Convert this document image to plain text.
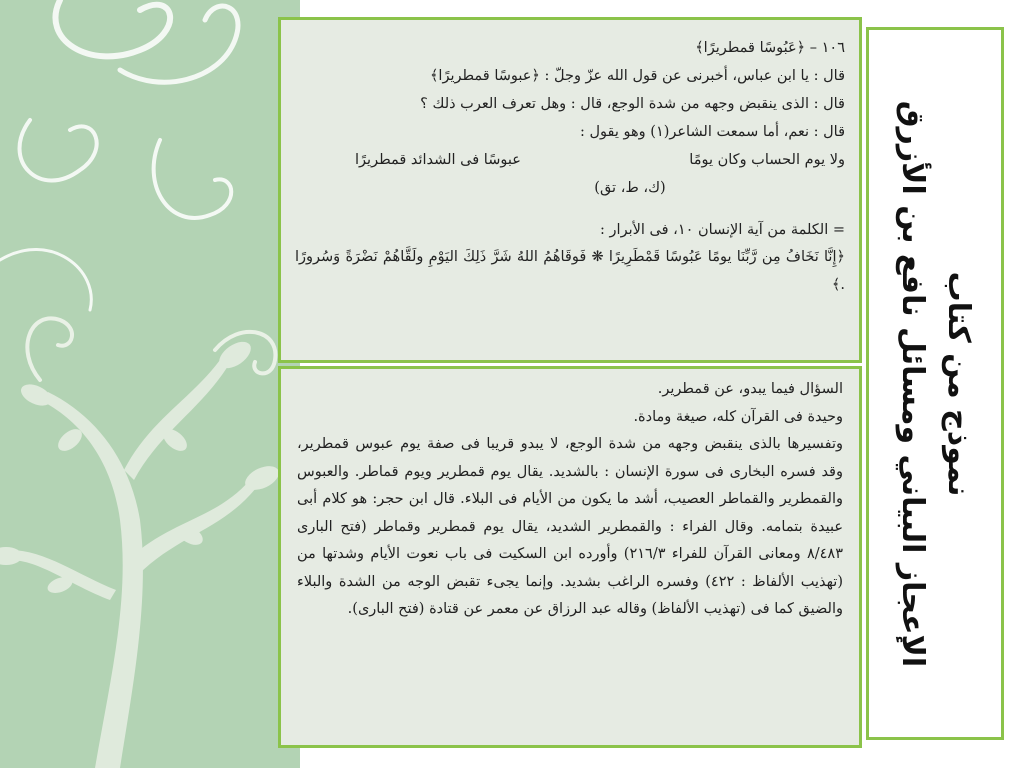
١٠٦ – ﴿عَبُوسًا قمطريرًا﴾
قال : يا ابن عباس، أخبرنى عن قول الله عزّ وجلّ : ﴿عبوسًا قمطريرًا﴾
قال : الذى ينقبض وجهه من شدة الوجع، قال : وهل تعرف العرب ذلك ؟
قال : نعم، أما سمعت الشاعر(١) وهو يقول :
ولا يوم الحساب وكان يومًا
عبوسًا فى الشدائد قمطريرًا
(ك، ط، تق)
= الكلمة من آية الإنسان ١٠، فى الأبرار :
﴿إِنَّا نَخَافُ مِن رَّبِّنَا يومًا عَبُوسًا قَمْطَرِيرًا ❋ فَوقَاهُمُ اللهُ شَرَّ ذَلِكَ اليَوْمِ ولَقَّاهُمْ نَضْرَةً وَسُرورًا .﴾
السؤال فيما يبدو، عن قمطرير.
وحيدة فى القرآن كله، صيغة ومادة.
وتفسيرها بالذى ينقبض وجهه من شدة الوجع، لا يبدو قريبا فى صفة يوم عبوس قمطرير، وقد فسره البخارى فى سورة الإنسان : بالشديد. يقال يوم قمطرير ويوم قماطر. والعبوس والقمطرير والقماطر العصيب، أشد ما يكون من الأيام فى البلاء. قال ابن حجر: هو كلام أبى عبيدة بتمامه. وقال الفراء : والقمطرير الشديد، يقال يوم قمطرير وقماطر (فتح البارى ٨/٤٨٣ ومعانى القرآن للفراء ٢١٦/٣) وأورده ابن السكيت فى باب نعوت الأيام وشدتها من (تهذيب الألفاظ : ٤٢٢) وفسره الراغب بشديد. وإنما يجىء تقبض الوجه من الشدة والبلاء والضيق كما فى (تهذيب الألفاظ) وقاله عبد الرزاق عن معمر عن قتادة (فتح البارى).
نموذج من كتاب
الإعجاز البياني ومسائل نافع بن الأزرق
